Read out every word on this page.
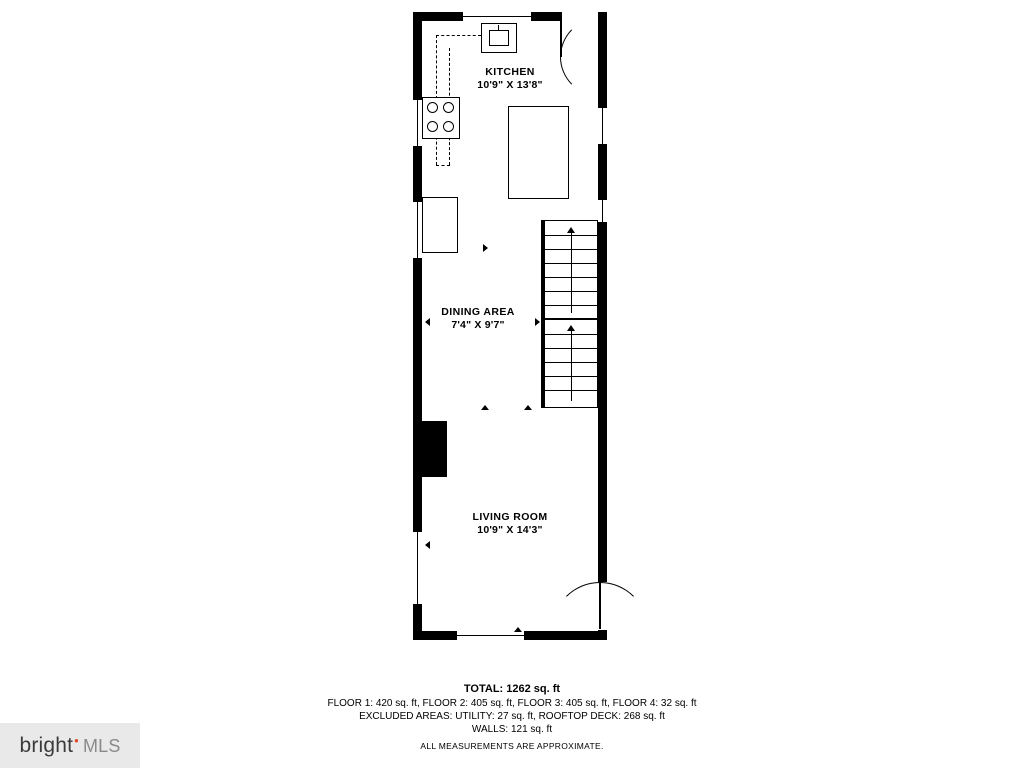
KITCHEN
10'9" X 13'8"
DINING AREA
7'4" X 9'7"
LIVING ROOM
10'9" X 14'3"
TOTAL: 1262 sq. ft
FLOOR 1: 420 sq. ft, FLOOR 2: 405 sq. ft, FLOOR 3: 405 sq. ft, FLOOR 4: 32 sq. ft
EXCLUDED AREAS: UTILITY: 27 sq. ft, ROOFTOP DECK: 268 sq. ft
WALLS: 121 sq. ft
ALL MEASUREMENTS ARE APPROXIMATE.
bright • MLS
